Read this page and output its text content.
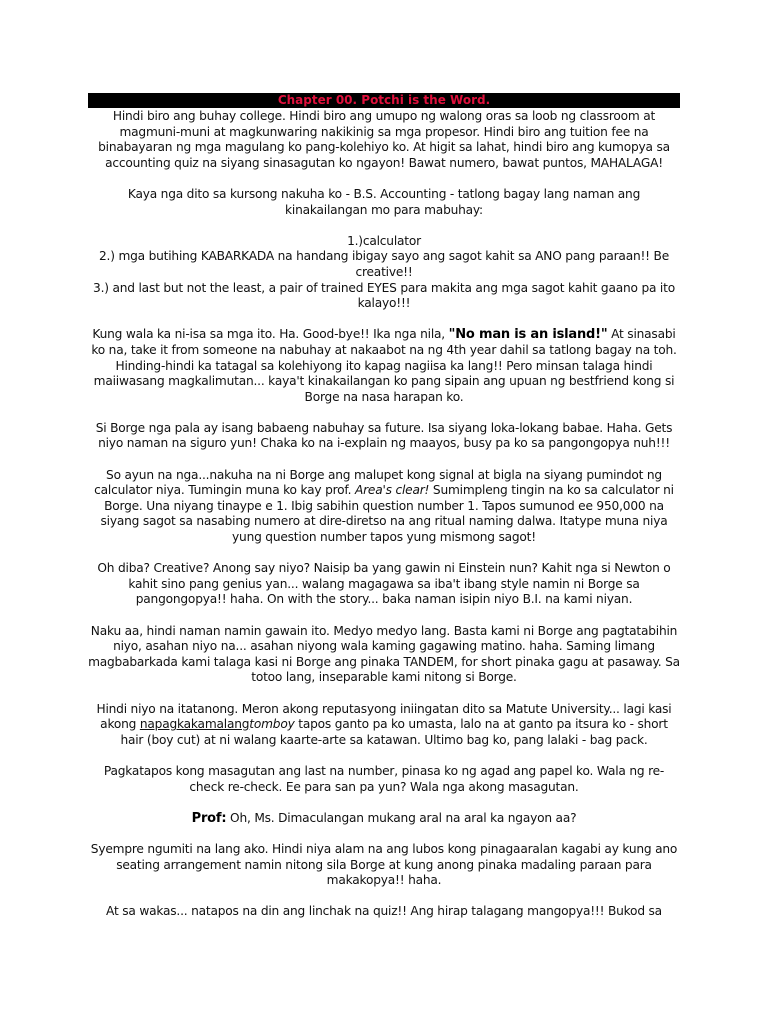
Chapter 00. Potchi is the Word.

Hindi biro ang buhay college. Hindi biro ang umupo ng walong oras sa loob ng classroom at magmuni-muni at magkunwaring nakikinig sa mga propesor. Hindi biro ang tuition fee na binabayaran ng mga magulang ko pang-kolehiyo ko. At higit sa lahat, hindi biro ang kumopya sa accounting quiz na siyang sinasagutan ko ngayon! Bawat numero, bawat puntos, MAHALAGA!

Kaya nga dito sa kursong nakuha ko - B.S. Accounting - tatlong bagay lang naman ang kinakailangan mo para mabuhay:

1.)calculator

2.) mga butihing KABARKADA na handang ibigay sayo ang sagot kahit sa ANO pang paraan!! Be creative!!

3.) and last but not the least, a pair of trained EYES para makita ang mga sagot kahit gaano pa ito kalayo!!!

Kung wala ka ni-isa sa mga ito. Ha. Good-bye!! Ika nga nila, "No man is an island!" At sinasabi ko na, take it from someone na nabuhay at nakaabot na ng 4th year dahil sa tatlong bagay na toh. Hinding-hindi ka tatagal sa kolehiyong ito kapag nagiisa ka lang!! Pero minsan talaga hindi maiiwasang magkalimutan... kaya't kinakailangan ko pang sipain ang upuan ng bestfriend kong si Borge na nasa harapan ko.

Si Borge nga pala ay isang babaeng nabuhay sa future. Isa siyang loka-lokang babae. Haha. Gets niyo naman na siguro yun! Chaka ko na i-explain ng maayos, busy pa ko sa pangongopya nuh!!!

So ayun na nga...nakuha na ni Borge ang malupet kong signal at bigla na siyang pumindot ng calculator niya. Tumingin muna ko kay prof. Area's clear! Sumimpleng tingin na ko sa calculator ni Borge. Una niyang tinaype e 1. Ibig sabihin question number 1. Tapos sumunod ee 950,000 na siyang sagot sa nasabing numero at dire-diretso na ang ritual naming dalwa. Itatype muna niya yung question number tapos yung mismong sagot!

Oh diba? Creative? Anong say niyo? Naisip ba yang gawin ni Einstein nun? Kahit nga si Newton o kahit sino pang genius yan... walang magagawa sa iba't ibang style namin ni Borge sa pangongopya!! haha. On with the story... baka naman isipin niyo B.I. na kami niyan.

Naku aa, hindi naman namin gawain ito. Medyo medyo lang. Basta kami ni Borge ang pagtatabihin niyo, asahan niyo na... asahan niyong wala kaming gagawing matino. haha. Saming limang magbabarkada kami talaga kasi ni Borge ang pinaka TANDEM, for short pinaka gagu at pasaway. Sa totoo lang, inseparable kami nitong si Borge.

Hindi niyo na itatanong. Meron akong reputasyong iniingatan dito sa Matute University... lagi kasi akong napagkakamalangtomboy tapos ganto pa ko umasta, lalo na at ganto pa itsura ko - short hair (boy cut) at ni walang kaarte-arte sa katawan. Ultimo bag ko, pang lalaki - bag pack.

Pagkatapos kong masagutan ang last na number, pinasa ko ng agad ang papel ko. Wala ng re-check re-check. Ee para san pa yun? Wala nga akong masagutan.

Prof: Oh, Ms. Dimaculangan mukang aral na aral ka ngayon aa?

Syempre ngumiti na lang ako. Hindi niya alam na ang lubos kong pinagaaralan kagabi ay kung ano seating arrangement namin nitong sila Borge at kung anong pinaka madaling paraan para makakopya!! haha.

At sa wakas... natapos na din ang linchak na quiz!! Ang hirap talagang mangopya!!! Bukod sa
